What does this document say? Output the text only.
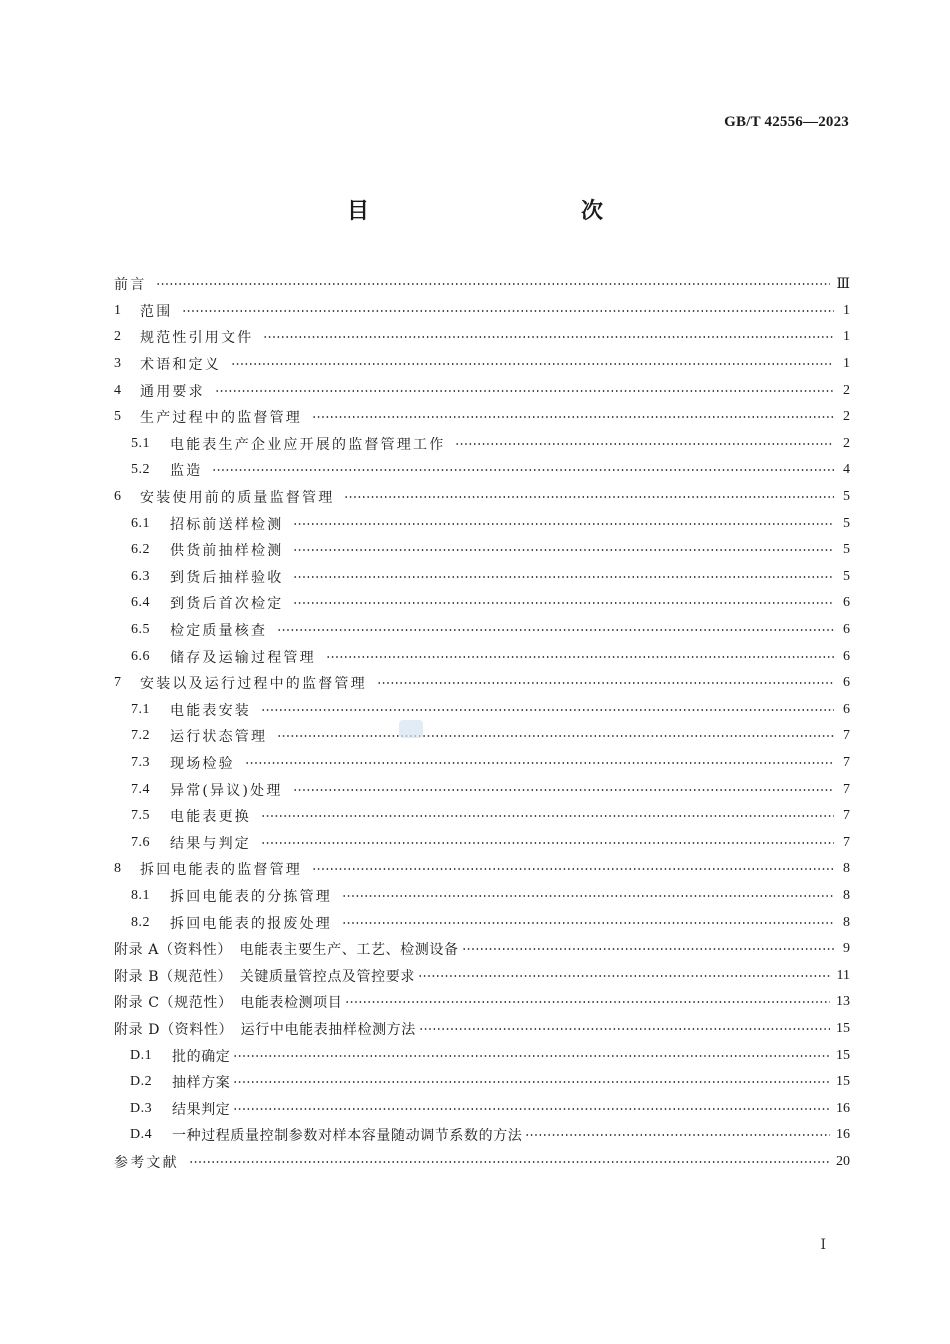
GB/T 42556—2023
目　　次
前言	Ⅲ
1	范围	1
2	规范性引用文件	1
3	术语和定义	1
4	通用要求	2
5	生产过程中的监督管理	2
5.1	电能表生产企业应开展的监督管理工作	2
5.2	监造	4
6	安装使用前的质量监督管理	5
6.1	招标前送样检测	5
6.2	供货前抽样检测	5
6.3	到货后抽样验收	5
6.4	到货后首次检定	6
6.5	检定质量核查	6
6.6	储存及运输过程管理	6
7	安装以及运行过程中的监督管理	6
7.1	电能表安装	6
7.2	运行状态管理	7
7.3	现场检验	7
7.4	异常(异议)处理	7
7.5	电能表更换	7
7.6	结果与判定	7
8	拆回电能表的监督管理	8
8.1	拆回电能表的分拣管理	8
8.2	拆回电能表的报废处理	8
附录 A（资料性）　电能表主要生产、工艺、检测设备	9
附录 B（规范性）　关键质量管控点及管控要求	11
附录 C（规范性）　电能表检测项目	13
附录 D（资料性）　运行中电能表抽样检测方法	15
D.1	批的确定	15
D.2	抽样方案	15
D.3	结果判定	16
D.4	一种过程质量控制参数对样本容量随动调节系数的方法	16
参考文献	20
Ⅰ
